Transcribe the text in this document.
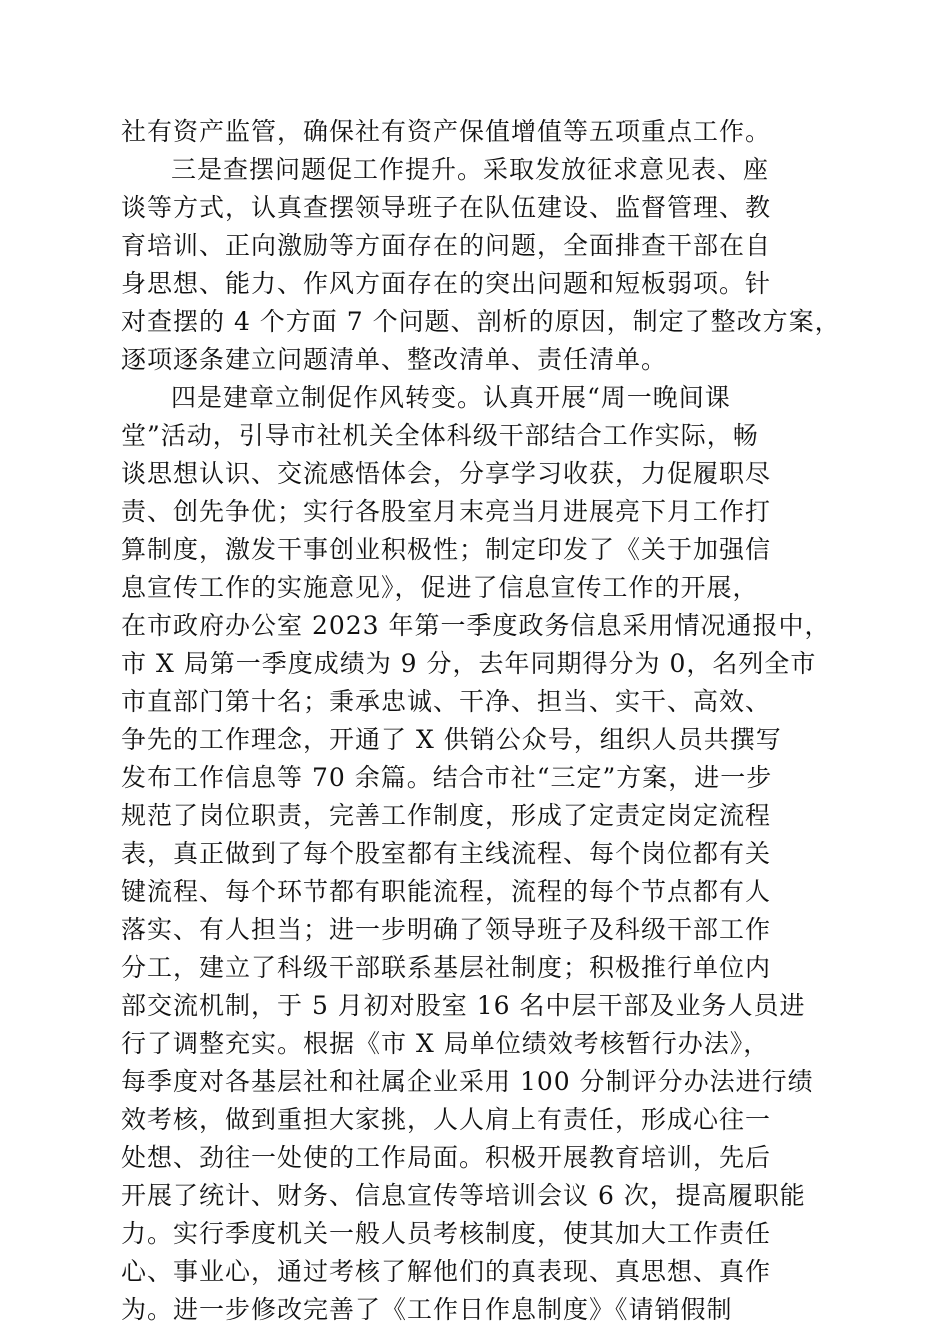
社有资产监管，确保社有资产保值增值等五项重点工作。
三是查摆问题促工作提升。采取发放征求意见表、座
谈等方式，认真查摆领导班子在队伍建设、监督管理、教
育培训、正向激励等方面存在的问题，全面排查干部在自
身思想、能力、作风方面存在的突出问题和短板弱项。针
对查摆的 4 个方面 7 个问题、剖析的原因，制定了整改方案，
逐项逐条建立问题清单、整改清单、责任清单。
四是建章立制促作风转变。认真开展“周一晚间课
堂”活动，引导市社机关全体科级干部结合工作实际，畅
谈思想认识、交流感悟体会，分享学习收获，力促履职尽
责、创先争优；实行各股室月末亮当月进展亮下月工作打
算制度，激发干事创业积极性；制定印发了《关于加强信
息宣传工作的实施意见》，促进了信息宣传工作的开展，
在市政府办公室 2023 年第一季度政务信息采用情况通报中，
市 X 局第一季度成绩为 9 分，去年同期得分为 0，名列全市
市直部门第十名；秉承忠诚、干净、担当、实干、高效、
争先的工作理念，开通了 X 供销公众号，组织人员共撰写
发布工作信息等 70 余篇。结合市社“三定”方案，进一步
规范了岗位职责，完善工作制度，形成了定责定岗定流程
表，真正做到了每个股室都有主线流程、每个岗位都有关
键流程、每个环节都有职能流程，流程的每个节点都有人
落实、有人担当；进一步明确了领导班子及科级干部工作
分工，建立了科级干部联系基层社制度；积极推行单位内
部交流机制，于 5 月初对股室 16 名中层干部及业务人员进
行了调整充实。根据《市 X 局单位绩效考核暂行办法》，
每季度对各基层社和社属企业采用 100 分制评分办法进行绩
效考核，做到重担大家挑，人人肩上有责任，形成心往一
处想、劲往一处使的工作局面。积极开展教育培训，先后
开展了统计、财务、信息宣传等培训会议 6 次，提高履职能
力。实行季度机关一般人员考核制度，使其加大工作责任
心、事业心，通过考核了解他们的真表现、真思想、真作
为。进一步修改完善了《工作日作息制度》《请销假制
